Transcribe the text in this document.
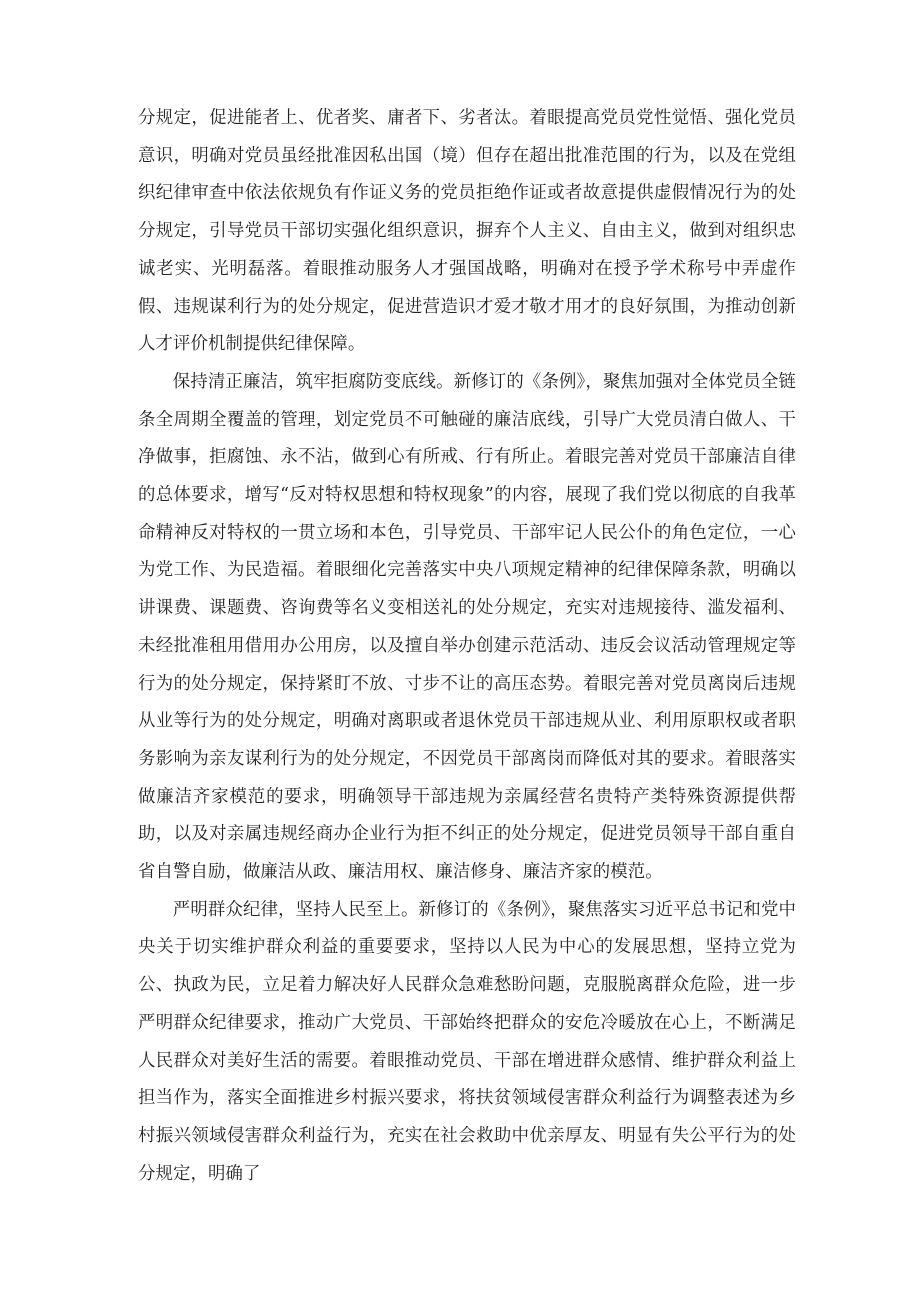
分规定，促进能者上、优者奖、庸者下、劣者汰。着眼提高党员党性觉悟、强化党员意识，明确对党员虽经批准因私出国（境）但存在超出批准范围的行为，以及在党组织纪律审查中依法依规负有作证义务的党员拒绝作证或者故意提供虚假情况行为的处分规定，引导党员干部切实强化组织意识，摒弃个人主义、自由主义，做到对组织忠诚老实、光明磊落。着眼推动服务人才强国战略，明确对在授予学术称号中弄虚作假、违规谋利行为的处分规定，促进营造识才爱才敬才用才的良好氛围，为推动创新人才评价机制提供纪律保障。

保持清正廉洁，筑牢拒腐防变底线。新修订的《条例》，聚焦加强对全体党员全链条全周期全覆盖的管理，划定党员不可触碰的廉洁底线，引导广大党员清白做人、干净做事，拒腐蚀、永不沾，做到心有所戒、行有所止。着眼完善对党员干部廉洁自律的总体要求，增写“反对特权思想和特权现象”的内容，展现了我们党以彻底的自我革命精神反对特权的一贯立场和本色，引导党员、干部牢记人民公仆的角色定位，一心为党工作、为民造福。着眼细化完善落实中央八项规定精神的纪律保障条款，明确以讲课费、课题费、咨询费等名义变相送礼的处分规定，充实对违规接待、滥发福利、未经批准租用借用办公用房，以及擅自举办创建示范活动、违反会议活动管理规定等行为的处分规定，保持紧盯不放、寸步不让的高压态势。着眼完善对党员离岗后违规从业等行为的处分规定，明确对离职或者退休党员干部违规从业、利用原职权或者职务影响为亲友谋利行为的处分规定，不因党员干部离岗而降低对其的要求。着眼落实做廉洁齐家模范的要求，明确领导干部违规为亲属经营名贵特产类特殊资源提供帮助，以及对亲属违规经商办企业行为拒不纠正的处分规定，促进党员领导干部自重自省自警自励，做廉洁从政、廉洁用权、廉洁修身、廉洁齐家的模范。

严明群众纪律，坚持人民至上。新修订的《条例》，聚焦落实习近平总书记和党中央关于切实维护群众利益的重要要求，坚持以人民为中心的发展思想，坚持立党为公、执政为民，立足着力解决好人民群众急难愁盼问题，克服脱离群众危险，进一步严明群众纪律要求，推动广大党员、干部始终把群众的安危冷暖放在心上，不断满足人民群众对美好生活的需要。着眼推动党员、干部在增进群众感情、维护群众利益上担当作为，落实全面推进乡村振兴要求，将扶贫领域侵害群众利益行为调整表述为乡村振兴领域侵害群众利益行为，充实在社会救助中优亲厚友、明显有失公平行为的处分规定，明确了
